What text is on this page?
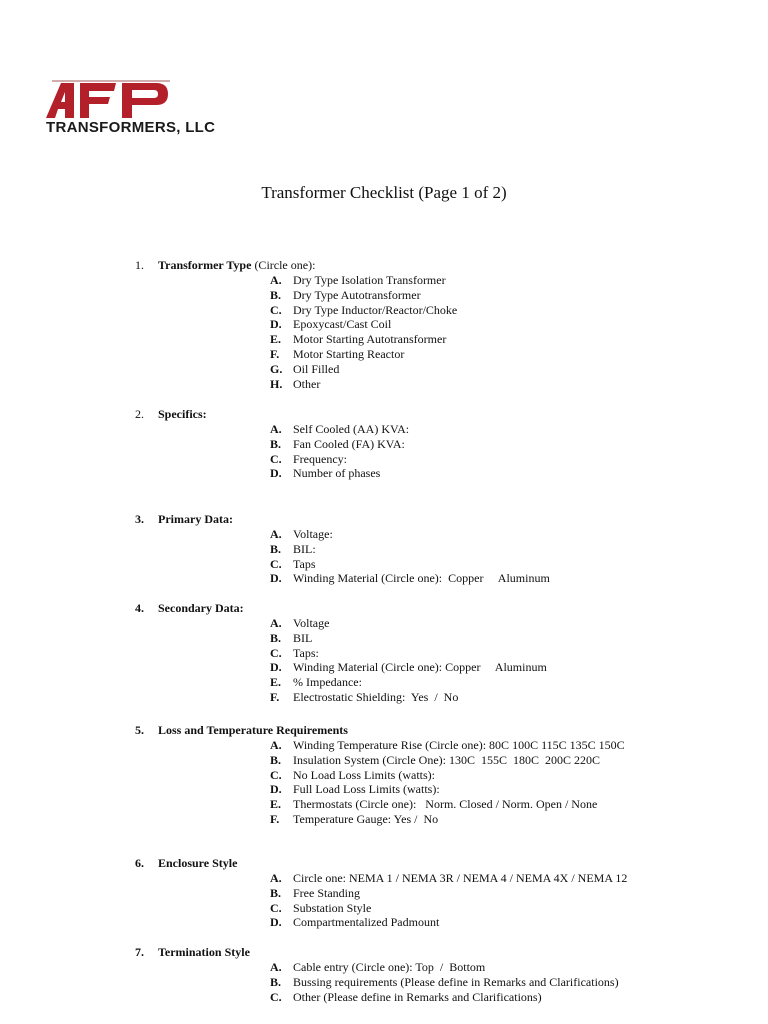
TRANSFORMERS, LLC
Transformer Checklist (Page 1 of 2)
1. Transformer Type (Circle one):
A. Dry Type Isolation Transformer
B. Dry Type Autotransformer
C. Dry Type Inductor/Reactor/Choke
D. Epoxycast/Cast Coil
E. Motor Starting Autotransformer
F. Motor Starting Reactor
G. Oil Filled
H. Other
2. Specifics:
A. Self Cooled (AA) KVA:
B. Fan Cooled (FA) KVA:
C. Frequency:
D. Number of phases
3. Primary Data:
A. Voltage:
B. BIL:
C. Taps
D. Winding Material (Circle one):  Copper     Aluminum
4. Secondary Data:
A. Voltage
B. BIL
C. Taps:
D. Winding Material (Circle one): Copper     Aluminum
E. % Impedance:
F. Electrostatic Shielding:  Yes  /  No
5. Loss and Temperature Requirements
A. Winding Temperature Rise (Circle one): 80C 100C 115C 135C 150C
B. Insulation System (Circle One): 130C  155C  180C  200C 220C
C. No Load Loss Limits (watts):
D. Full Load Loss Limits (watts):
E. Thermostats (Circle one):   Norm. Closed / Norm. Open / None
F. Temperature Gauge: Yes /  No
6. Enclosure Style
A. Circle one: NEMA 1 / NEMA 3R / NEMA 4 / NEMA 4X / NEMA 12
B. Free Standing
C. Substation Style
D. Compartmentalized Padmount
7. Termination Style
A. Cable entry (Circle one): Top  /  Bottom
B. Bussing requirements (Please define in Remarks and Clarifications)
C. Other (Please define in Remarks and Clarifications)
